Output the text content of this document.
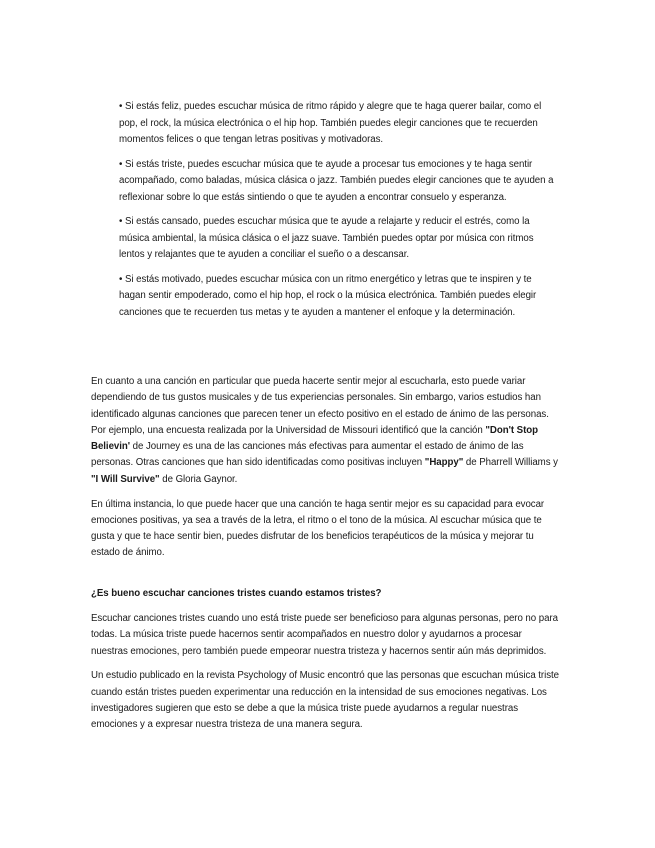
• Si estás feliz, puedes escuchar música de ritmo rápido y alegre que te haga querer bailar, como el pop, el rock, la música electrónica o el hip hop. También puedes elegir canciones que te recuerden momentos felices o que tengan letras positivas y motivadoras.
• Si estás triste, puedes escuchar música que te ayude a procesar tus emociones y te haga sentir acompañado, como baladas, música clásica o jazz. También puedes elegir canciones que te ayuden a reflexionar sobre lo que estás sintiendo o que te ayuden a encontrar consuelo y esperanza.
• Si estás cansado, puedes escuchar música que te ayude a relajarte y reducir el estrés, como la música ambiental, la música clásica o el jazz suave. También puedes optar por música con ritmos lentos y relajantes que te ayuden a conciliar el sueño o a descansar.
• Si estás motivado, puedes escuchar música con un ritmo energético y letras que te inspiren y te hagan sentir empoderado, como el hip hop, el rock o la música electrónica. También puedes elegir canciones que te recuerden tus metas y te ayuden a mantener el enfoque y la determinación.

En cuanto a una canción en particular que pueda hacerte sentir mejor al escucharla, esto puede variar dependiendo de tus gustos musicales y de tus experiencias personales. Sin embargo, varios estudios han identificado algunas canciones que parecen tener un efecto positivo en el estado de ánimo de las personas. Por ejemplo, una encuesta realizada por la Universidad de Missouri identificó que la canción "Don't Stop Believin' de Journey es una de las canciones más efectivas para aumentar el estado de ánimo de las personas. Otras canciones que han sido identificadas como positivas incluyen "Happy" de Pharrell Williams y "I Will Survive" de Gloria Gaynor.

En última instancia, lo que puede hacer que una canción te haga sentir mejor es su capacidad para evocar emociones positivas, ya sea a través de la letra, el ritmo o el tono de la música. Al escuchar música que te gusta y que te hace sentir bien, puedes disfrutar de los beneficios terapéuticos de la música y mejorar tu estado de ánimo.

¿Es bueno escuchar canciones tristes cuando estamos tristes?

Escuchar canciones tristes cuando uno está triste puede ser beneficioso para algunas personas, pero no para todas. La música triste puede hacernos sentir acompañados en nuestro dolor y ayudarnos a procesar nuestras emociones, pero también puede empeorar nuestra tristeza y hacernos sentir aún más deprimidos.

Un estudio publicado en la revista Psychology of Music encontró que las personas que escuchan música triste cuando están tristes pueden experimentar una reducción en la intensidad de sus emociones negativas. Los investigadores sugieren que esto se debe a que la música triste puede ayudarnos a regular nuestras emociones y a expresar nuestra tristeza de una manera segura.
